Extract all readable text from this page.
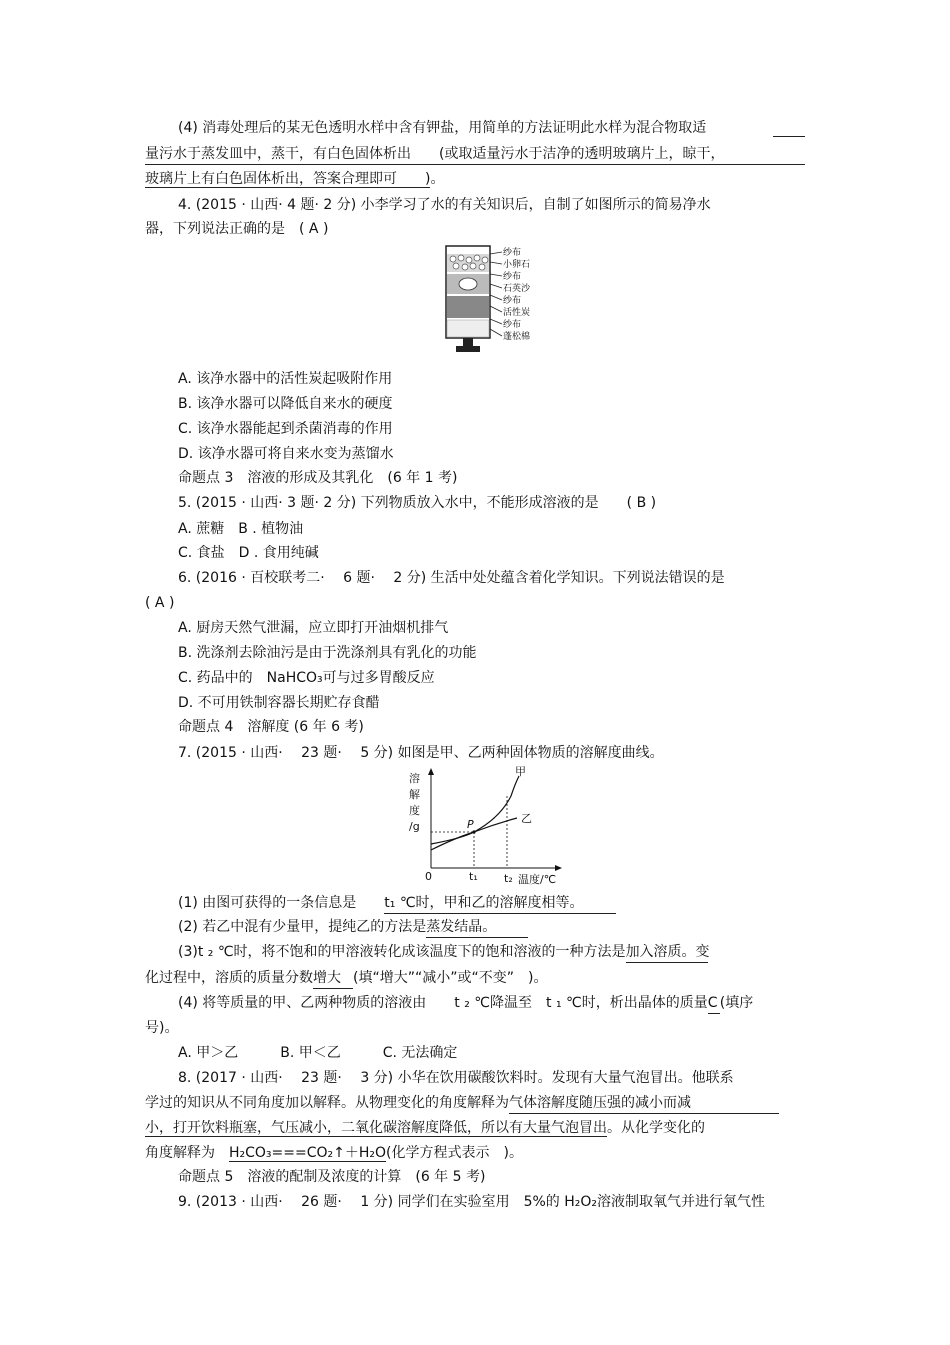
(4) 消毒处理后的某无色透明水样中含有钾盐，用简单的方法证明此水样为混合物取适
量污水于蒸发皿中，蒸干，有白色固体析出　　(或取适量污水于洁净的透明玻璃片上，晾干，
玻璃片上有白色固体析出，答案合理即可　　)。
4. (2015 · 山西· 4 题· 2 分) 小李学习了水的有关知识后，自制了如图所示的简易净水
器，下列说法正确的是　( A )
纱布
小卵石
纱布
石英沙
纱布
活性炭
纱布
蓬松棉
A. 该净水器中的活性炭起吸附作用
B. 该净水器可以降低自来水的硬度
C. 该净水器能起到杀菌消毒的作用
D. 该净水器可将自来水变为蒸馏水
命题点 3　溶液的形成及其乳化　(6 年 1 考)
5. (2015 · 山西· 3 题· 2 分) 下列物质放入水中，不能形成溶液的是　　( B )
A. 蔗糖　B . 植物油
C. 食盐　D . 食用纯碱
6. (2016 · 百校联考二· 　6 题· 　2 分) 生活中处处蕴含着化学知识。下列说法错误的是
( A )
A. 厨房天然气泄漏，应立即打开油烟机排气
B. 洗涤剂去除油污是由于洗涤剂具有乳化的功能
C. 药品中的　NaHCO₃可与过多胃酸反应
D. 不可用铁制容器长期贮存食醋
命题点 4　溶解度 (6 年 6 考)
7. (2015 · 山西· 　23 题· 　5 分) 如图是甲、乙两种固体物质的溶解度曲线。
溶
解
度
/g
0	t₁ t₂ 温度/℃
P
甲
乙
(1) 由图可获得的一条信息是　　t₁ ℃时，甲和乙的溶解度相等。
(2) 若乙中混有少量甲，提纯乙的方法是蒸发结晶。
(3)t ₂ ℃时，将不饱和的甲溶液转化成该温度下的饱和溶液的一种方法是加入溶质。变
化过程中，溶质的质量分数增大 (填“增大”“减小”或“不变”　)。
(4) 将等质量的甲、乙两种物质的溶液由　　t ₂ ℃降温至　t ₁ ℃时，析出晶体的质量C (填序
号)。
A. 甲＞乙　　　B. 甲＜乙　　　C. 无法确定
8. (2017 · 山西· 　23 题· 　3 分) 小华在饮用碳酸饮料时。发现有大量气泡冒出。他联系
学过的知识从不同角度加以解释。从物理变化的角度解释为气体溶解度随压强的减小而减
小，打开饮料瓶塞，气压减小，二氧化碳溶解度降低，所以有大量气泡冒出。从化学变化的
角度解释为　H₂CO₃===CO₂↑＋H₂O(化学方程式表示　)。
命题点 5　溶液的配制及浓度的计算　(6 年 5 考)
9. (2013 · 山西· 　26 题· 　1 分) 同学们在实验室用　5%的 H₂O₂溶液制取氧气并进行氧气性
